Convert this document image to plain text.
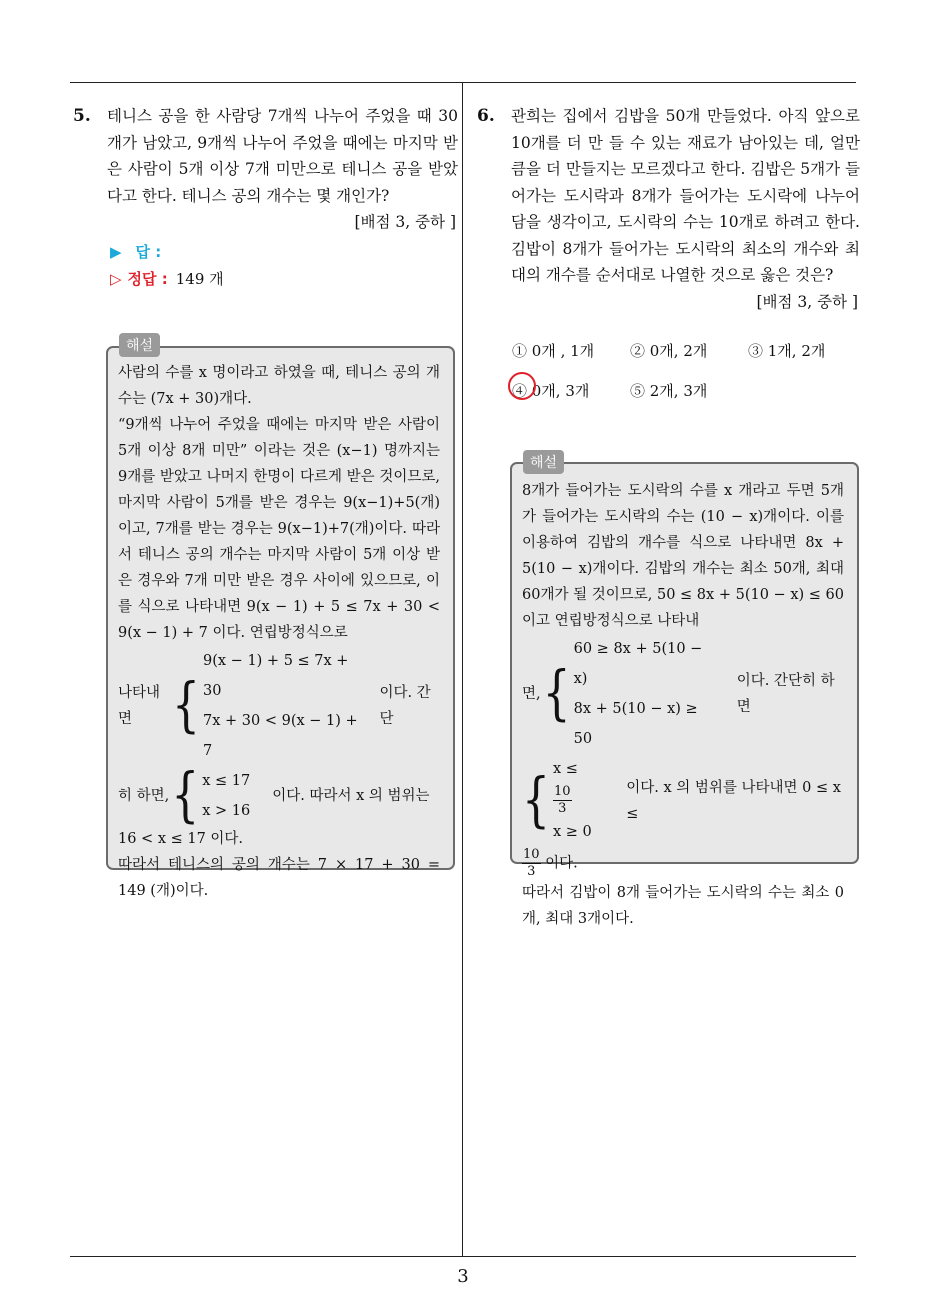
5. 테니스 공을 한 사람당 7개씩 나누어 주었을 때 30개가 남았고, 9개씩 나누어 주었을 때에는 마지막 받은 사람이 5개 이상 7개 미만으로 테니스 공을 받았다고 한다. 테니스 공의 개수는 몇 개인가?
[배점 3, 중하 ]
▶ 답 :
▷ 정답 : 149 개
해설
사람의 수를 x 명이라고 하였을 때, 테니스 공의 개수는 (7x + 30)개다.
“9개씩 나누어 주었을 때에는 마지막 받은 사람이 5개 이상 8개 미만” 이라는 것은 (x−1) 명까지는 9개를 받았고 나머지 한명이 다르게 받은 것이므로, 마지막 사람이 5개를 받은 경우는 9(x−1)+5(개)이고, 7개를 받는 경우는 9(x−1)+7(개)이다. 따라서 테니스 공의 개수는 마지막 사람이 5개 이상 받은 경우와 7개 미만 받은 경우 사이에 있으므로, 이를 식으로 나타내면 9(x − 1) + 5 ≤ 7x + 30 < 9(x − 1) + 7 이다. 연립방정식으로
나타내면 {
9(x − 1) + 5 ≤ 7x + 30
7x + 30 < 9(x − 1) + 7
이다. 간단
히 하면, { x ≤ 17
x > 16
이다. 따라서 x 의 범위는
16 < x ≤ 17 이다.
따라서 테니스의 공의 개수는 7 × 17 + 30 = 149 (개)이다.
6. 관희는 집에서 김밥을 50개 만들었다. 아직 앞으로 10개를 더 만 들 수 있는 재료가 남아있는 데, 얼만큼을 더 만들지는 모르겠다고 한다. 김밥은 5개가 들어가는 도시락과 8개가 들어가는 도시락에 나누어 담을 생각이고, 도시락의 수는 10개로 하려고 한다. 김밥이 8개가 들어가는 도시락의 최소의 개수와 최대의 개수를 순서대로 나열한 것으로 옳은 것은?
[배점 3, 중하 ]
① 0개 , 1개 ② 0개, 2개	③ 1개, 2개
④ 0개, 3개	⑤ 2개, 3개
해설
8개가 들어가는 도시락의 수를 x 개라고 두면 5개가 들어가는 도시락의 수는 (10 − x)개이다. 이를 이용하여 김밥의 개수를 식으로 나타내면 8x + 5(10 − x)개이다. 김밥의 개수는 최소 50개, 최대 60개가 될 것이므로, 50 ≤ 8x + 5(10 − x) ≤ 60 이고 연립방정식으로 나타내
면, {
60 ≥ 8x + 5(10 − x)
8x + 5(10 − x) ≥ 50
이다. 간단히 하면
{ x ≤
$\frac{10}{3}$
x ≥ 0
이다. x 의 범위를 나타내면 0 ≤ x ≤
$\frac{10}{3}$ 이다.
따라서 김밥이 8개 들어가는 도시락의 수는 최소 0개, 최대 3개이다.
3
